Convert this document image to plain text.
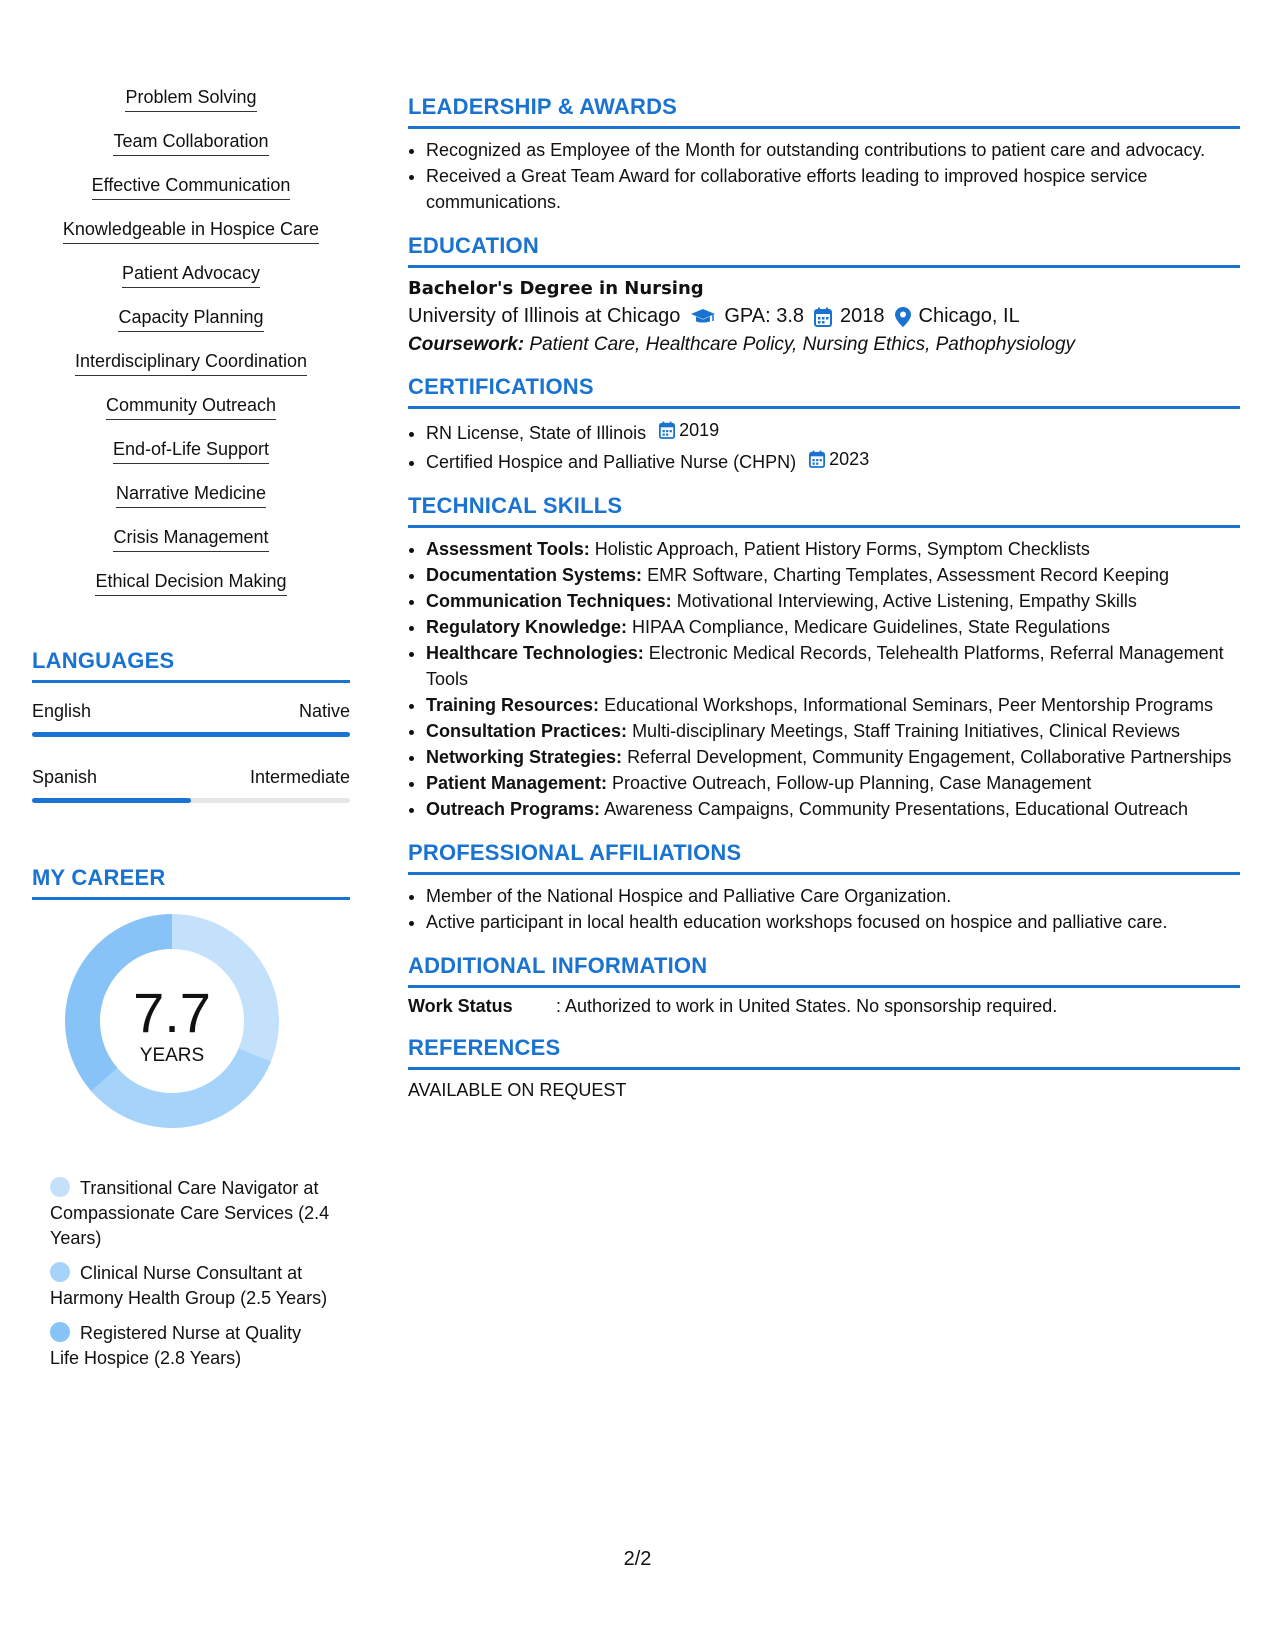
Problem Solving
Team Collaboration
Effective Communication
Knowledgeable in Hospice Care
Patient Advocacy
Capacity Planning
Interdisciplinary Coordination
Community Outreach
End-of-Life Support
Narrative Medicine
Crisis Management
Ethical Decision Making
LANGUAGES
English	Native
Spanish	Intermediate
MY CAREER
7.7
YEARS
Transitional Care Navigator at Compassionate Care Services (2.4 Years)
Clinical Nurse Consultant at Harmony Health Group (2.5 Years)
Registered Nurse at Quality Life Hospice (2.8 Years)
LEADERSHIP & AWARDS
• Recognized as Employee of the Month for outstanding contributions to patient care and advocacy.
• Received a Great Team Award for collaborative efforts leading to improved hospice service communications.
EDUCATION
Bachelor's Degree in Nursing
University of Illinois at Chicago GPA: 3.8 2018 Chicago, IL
Coursework: Patient Care, Healthcare Policy, Nursing Ethics, Pathophysiology
CERTIFICATIONS
• RN License, State of Illinois 2019
• Certified Hospice and Palliative Nurse (CHPN) 2023
TECHNICAL SKILLS
• Assessment Tools: Holistic Approach, Patient History Forms, Symptom Checklists
• Documentation Systems: EMR Software, Charting Templates, Assessment Record Keeping
• Communication Techniques: Motivational Interviewing, Active Listening, Empathy Skills
• Regulatory Knowledge: HIPAA Compliance, Medicare Guidelines, State Regulations
• Healthcare Technologies: Electronic Medical Records, Telehealth Platforms, Referral Management Tools
• Training Resources: Educational Workshops, Informational Seminars, Peer Mentorship Programs
• Consultation Practices: Multi-disciplinary Meetings, Staff Training Initiatives, Clinical Reviews
• Networking Strategies: Referral Development, Community Engagement, Collaborative Partnerships
• Patient Management: Proactive Outreach, Follow-up Planning, Case Management
• Outreach Programs: Awareness Campaigns, Community Presentations, Educational Outreach
PROFESSIONAL AFFILIATIONS
• Member of the National Hospice and Palliative Care Organization.
• Active participant in local health education workshops focused on hospice and palliative care.
ADDITIONAL INFORMATION
Work Status	: Authorized to work in United States. No sponsorship required.
REFERENCES
AVAILABLE ON REQUEST
2/2
